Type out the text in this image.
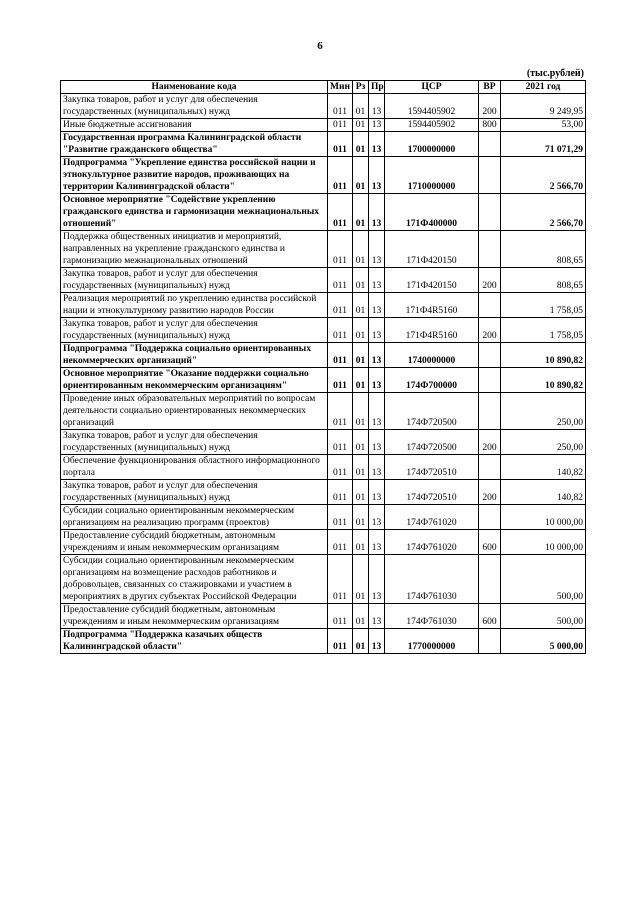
6
(тыс.рублей)
Наименование кода	Мин	Рз	Пр	ЦСР	ВР	2021 год
Закупка товаров, работ и услуг для обеспечения государственных (муниципальных) нужд	011	01	13	1594405902	200	9 249,95
Иные бюджетные ассигнования	011	01	13	1594405902	800	53,00
Государственная программа Калининградской области "Развитие гражданского общества"	011	01	13	1700000000		71 071,29
Подпрограмма "Укрепление единства российской нации и этнокультурное развитие народов, проживающих на территории Калининградской области"	011	01	13	1710000000		2 566,70
Основное мероприятие "Содействие укреплению гражданского единства и гармонизации межнациональных отношений"	011	01	13	171Ф400000		2 566,70
Поддержка общественных инициатив и мероприятий, направленных на укрепление гражданского единства и гармонизацию межнациональных отношений	011	01	13	171Ф420150		808,65
Закупка товаров, работ и услуг для обеспечения государственных (муниципальных) нужд	011	01	13	171Ф420150	200	808,65
Реализация мероприятий по укреплению единства российской нации и этнокультурному развитию народов России	011	01	13	171Ф4R5160		1 758,05
Закупка товаров, работ и услуг для обеспечения государственных (муниципальных) нужд	011	01	13	171Ф4R5160	200	1 758,05
Подпрограмма "Поддержка социально ориентированных некоммерческих организаций"	011	01	13	1740000000		10 890,82
Основное мероприятие "Оказание поддержки социально ориентированным некоммерческим организациям"	011	01	13	174Ф700000		10 890,82
Проведение иных образовательных мероприятий по вопросам деятельности социально ориентированных некоммерческих организаций	011	01	13	174Ф720500		250,00
Закупка товаров, работ и услуг для обеспечения государственных (муниципальных) нужд	011	01	13	174Ф720500	200	250,00
Обеспечение функционирования областного информационного портала	011	01	13	174Ф720510		140,82
Закупка товаров, работ и услуг для обеспечения государственных (муниципальных) нужд	011	01	13	174Ф720510	200	140,82
Субсидии социально ориентированным некоммерческим организациям на реализацию программ (проектов)	011	01	13	174Ф761020		10 000,00
Предоставление субсидий бюджетным, автономным учреждениям и иным некоммерческим организациям	011	01	13	174Ф761020	600	10 000,00
Субсидии социально ориентированным некоммерческим организациям на возмещение расходов работников и добровольцев, связанных со стажировками и участием в мероприятиях в других субъектах Российской Федерации	011	01	13	174Ф761030		500,00
Предоставление субсидий бюджетным, автономным учреждениям и иным некоммерческим организациям	011	01	13	174Ф761030	600	500,00
Подпрограмма "Поддержка казачьих обществ Калининградской области"	011	01	13	1770000000		5 000,00
